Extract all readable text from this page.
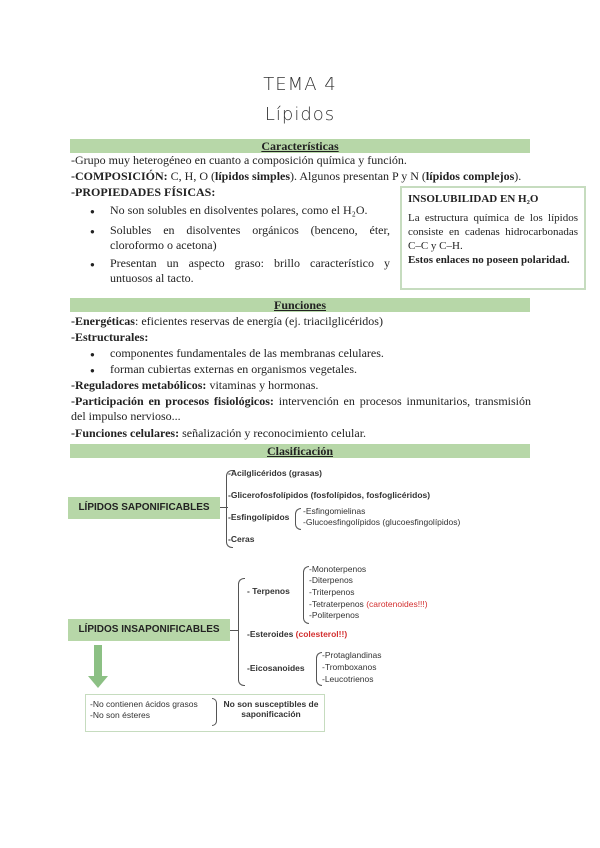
TEMA 4
Lípidos
Características
-Grupo muy heterogéneo en cuanto a composición química y función.
-COMPOSICIÓN: C, H, O (lípidos simples). Algunos presentan P y N (lípidos complejos).
-PROPIEDADES FÍSICAS:
● No son solubles en disolventes polares, como el H₂O.
● Solubles en disolventes orgánicos (benceno, éter, cloroformo o acetona)
● Presentan un aspecto graso: brillo característico y untuosos al tacto.
INSOLUBILIDAD EN H₂O
La estructura química de los lípidos consiste en cadenas hidrocarbonadas C–C y C–H.
Estos enlaces no poseen polaridad.
Funciones
-Energéticas: eficientes reservas de energía (ej. triacilglicéridos)
-Estructurales:
● componentes fundamentales de las membranas celulares.
● forman cubiertas externas en organismos vegetales.
-Reguladores metabólicos: vitaminas y hormonas.
-Participación en procesos fisiológicos: intervención en procesos inmunitarios, transmisión del impulso nervioso...
-Funciones celulares: señalización y reconocimiento celular.
Clasificación
LÍPIDOS SAPONIFICABLES
-Acilglicéridos (grasas)
-Glicerofosfolípidos (fosfolípidos, fosfoglicéridos)
-Esfingolípidos
-Ceras
-Esfingomielinas
-Glucoesfingolípidos (glucoesfingolípidos)
LÍPIDOS INSAPONIFICABLES
- Terpenos
-Monoterpenos
-Diterpenos
-Triterpenos
-Tetraterpenos (carotenoides!!!)
-Politerpenos
-Esteroides (colesterol!!)
-Eicosanoides
-Protaglandinas
-Tromboxanos
-Leucotrienos
-No contienen ácidos grasos
-No son ésteres
No son susceptibles de saponificación
